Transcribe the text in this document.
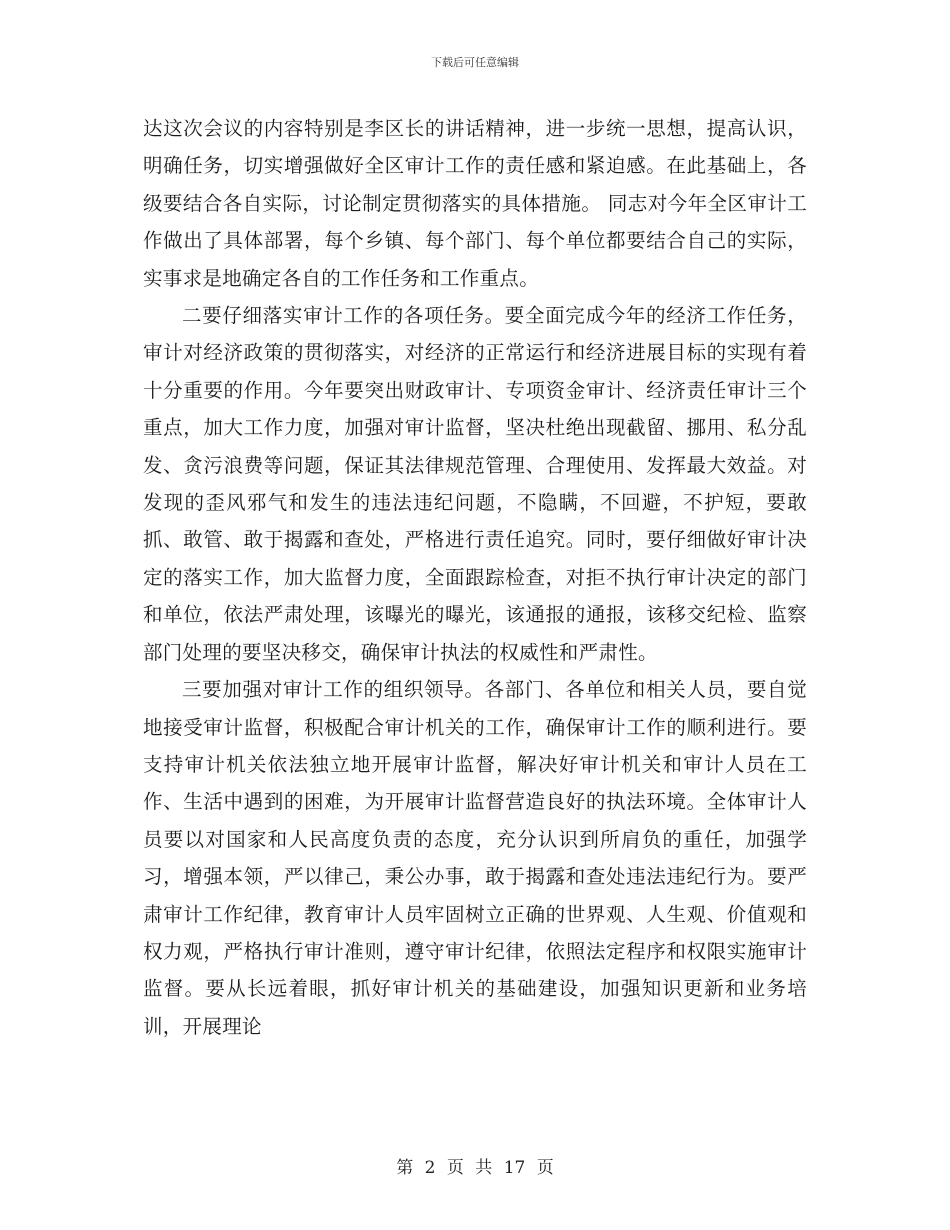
下载后可任意编辑

达这次会议的内容特别是李区长的讲话精神，进一步统一思想，提高认识，明确任务，切实增强做好全区审计工作的责任感和紧迫感。在此基础上，各级要结合各自实际，讨论制定贯彻落实的具体措施。 同志对今年全区审计工作做出了具体部署，每个乡镇、每个部门、每个单位都要结合自己的实际，实事求是地确定各自的工作任务和工作重点。

二要仔细落实审计工作的各项任务。要全面完成今年的经济工作任务，审计对经济政策的贯彻落实，对经济的正常运行和经济进展目标的实现有着十分重要的作用。今年要突出财政审计、专项资金审计、经济责任审计三个重点，加大工作力度，加强对审计监督，坚决杜绝出现截留、挪用、私分乱发、贪污浪费等问题，保证其法律规范管理、合理使用、发挥最大效益。对发现的歪风邪气和发生的违法违纪问题，不隐瞒，不回避，不护短，要敢抓、敢管、敢于揭露和查处，严格进行责任追究。同时，要仔细做好审计决定的落实工作，加大监督力度，全面跟踪检查，对拒不执行审计决定的部门和单位，依法严肃处理，该曝光的曝光，该通报的通报，该移交纪检、监察部门处理的要坚决移交，确保审计执法的权威性和严肃性。

三要加强对审计工作的组织领导。各部门、各单位和相关人员，要自觉地接受审计监督，积极配合审计机关的工作，确保审计工作的顺利进行。要支持审计机关依法独立地开展审计监督，解决好审计机关和审计人员在工作、生活中遇到的困难，为开展审计监督营造良好的执法环境。全体审计人员要以对国家和人民高度负责的态度，充分认识到所肩负的重任，加强学习，增强本领，严以律己，秉公办事，敢于揭露和查处违法违纪行为。要严肃审计工作纪律，教育审计人员牢固树立正确的世界观、人生观、价值观和权力观，严格执行审计准则，遵守审计纪律，依照法定程序和权限实施审计监督。要从长远着眼，抓好审计机关的基础建设，加强知识更新和业务培训，开展理论

第 2 页 共 17 页
